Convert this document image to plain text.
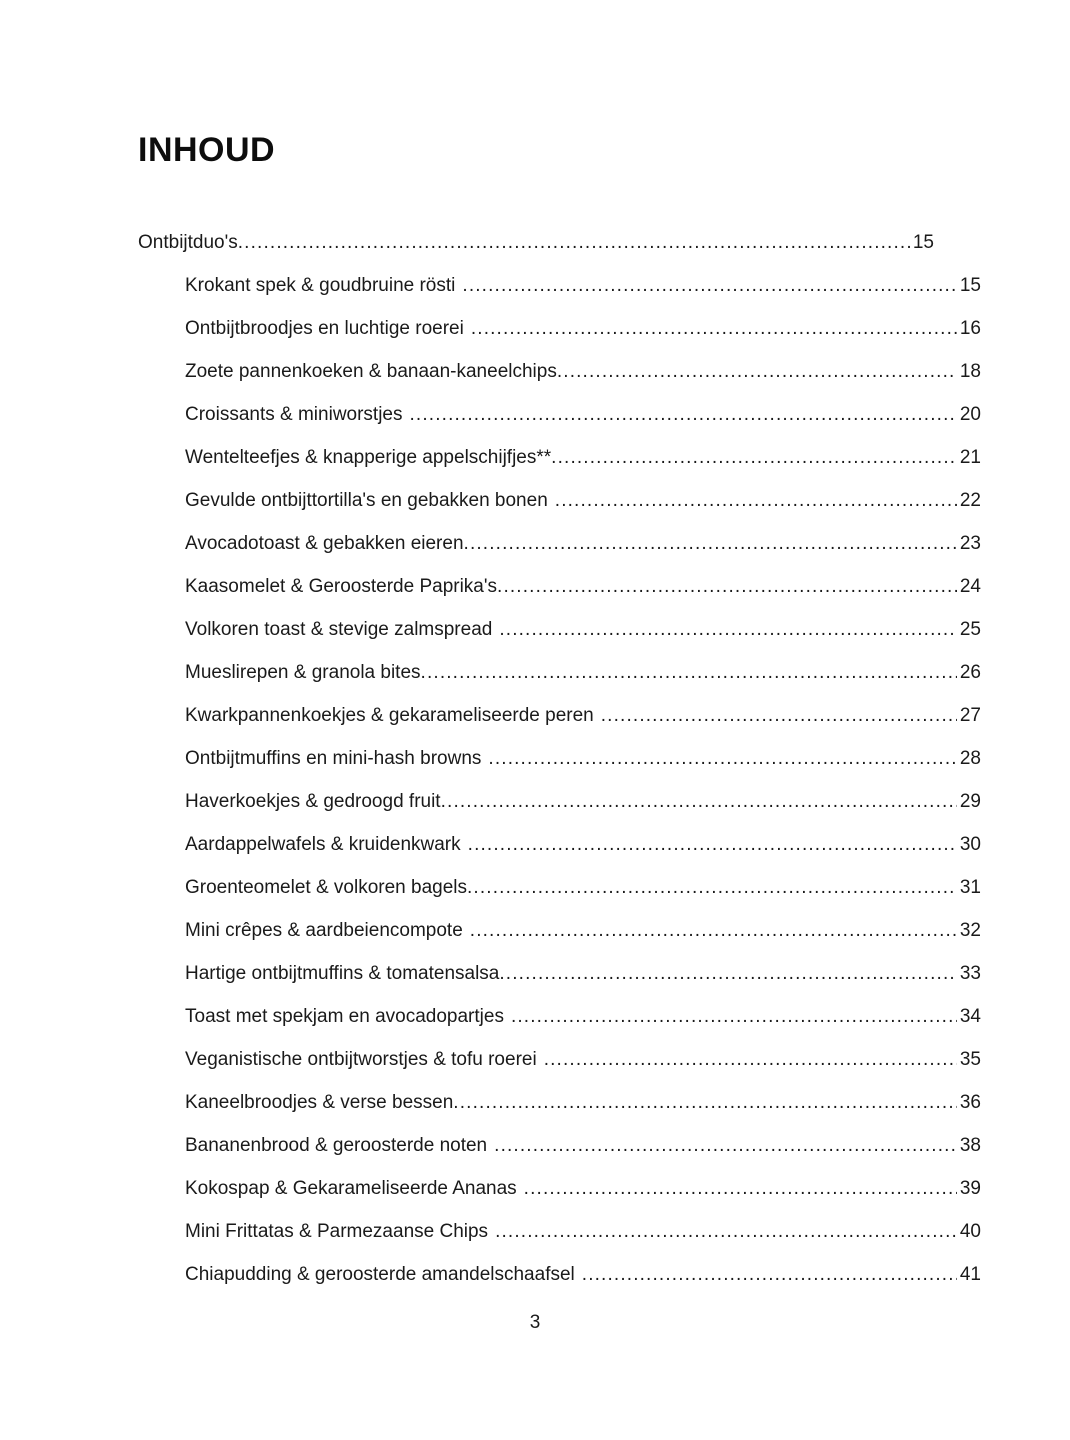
INHOUD
Ontbijtduo's .....	15
Krokant spek & goudbruine rösti .....	15
Ontbijtbroodjes en luchtige roerei .....	16
Zoete pannenkoeken & banaan-kaneelchips .....	18
Croissants & miniworstjes .....	20
Wentelteefjes & knapperige appelschijfjes** .....	21
Gevulde ontbijttortilla's en gebakken bonen .....	22
Avocadotoast & gebakken eieren .....	23
Kaasomelet & Geroosterde Paprika's .....	24
Volkoren toast & stevige zalmspread .....	25
Mueslirepen & granola bites .....	26
Kwarkpannenkoekjes & gekarameliseerde peren .....	27
Ontbijtmuffins en mini-hash browns .....	28
Haverkoekjes & gedroogd fruit .....	29
Aardappelwafels & kruidenkwark .....	30
Groenteomelet & volkoren bagels .....	31
Mini crêpes & aardbeiencompote .....	32
Hartige ontbijtmuffins & tomatensalsa .....	33
Toast met spekjam en avocadopartjes .....	34
Veganistische ontbijtworstjes & tofu roerei .....	35
Kaneelbroodjes & verse bessen .....	36
Bananenbrood & geroosterde noten .....	38
Kokospap & Gekarameliseerde Ananas .....	39
Mini Frittatas & Parmezaanse Chips .....	40
Chiapudding & geroosterde amandelschaafsel .....	41
3
